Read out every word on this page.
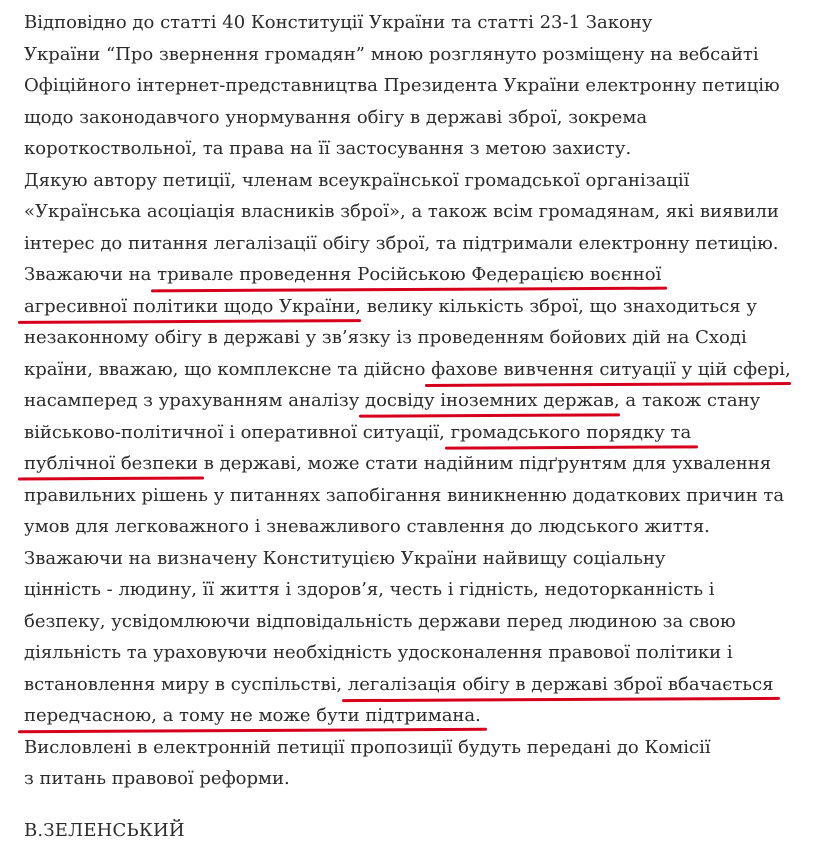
Відповідно до статті 40 Конституції України та статті 23-1 Закону
України “Про звернення громадян” мною розглянуто розміщену на вебсайті
Офіційного інтернет-представництва Президента України електронну петицію
щодо законодавчого унормування обігу в державі зброї, зокрема
короткоствольної, та права на її застосування з метою захисту.
Дякую автору петиції, членам всеукраїнської громадської організації
«Українська асоціація власників зброї», а також всім громадянам, які виявили
інтерес до питання легалізації обігу зброї, та підтримали електронну петицію.
Зважаючи на тривале проведення Російською Федерацією воєнної
агресивної політики щодо України, велику кількість зброї, що знаходиться у
незаконному обігу в державі у зв’язку із проведенням бойових дій на Сході
країни, вважаю, що комплексне та дійсно фахове вивчення ситуації у цій сфері,
насамперед з урахуванням аналізу досвіду іноземних держав, а також стану
військово-політичної і оперативної ситуації, громадського порядку та
публічної безпеки в державі, може стати надійним підґрунтям для ухвалення
правильних рішень у питаннях запобігання виникненню додаткових причин та
умов для легковажного і зневажливого ставлення до людського життя.
Зважаючи на визначену Конституцією України найвищу соціальну
цінність - людину, її життя і здоров’я, честь і гідність, недоторканність і
безпеку, усвідомлюючи відповідальність держави перед людиною за свою
діяльність та ураховуючи необхідність удосконалення правової політики і
встановлення миру в суспільстві, легалізація обігу в державі зброї вбачається
передчасною, а тому не може бути підтримана.
Висловлені в електронній петиції пропозиції будуть передані до Комісії
з питань правової реформи.
В.ЗЕЛЕНСЬКИЙ
